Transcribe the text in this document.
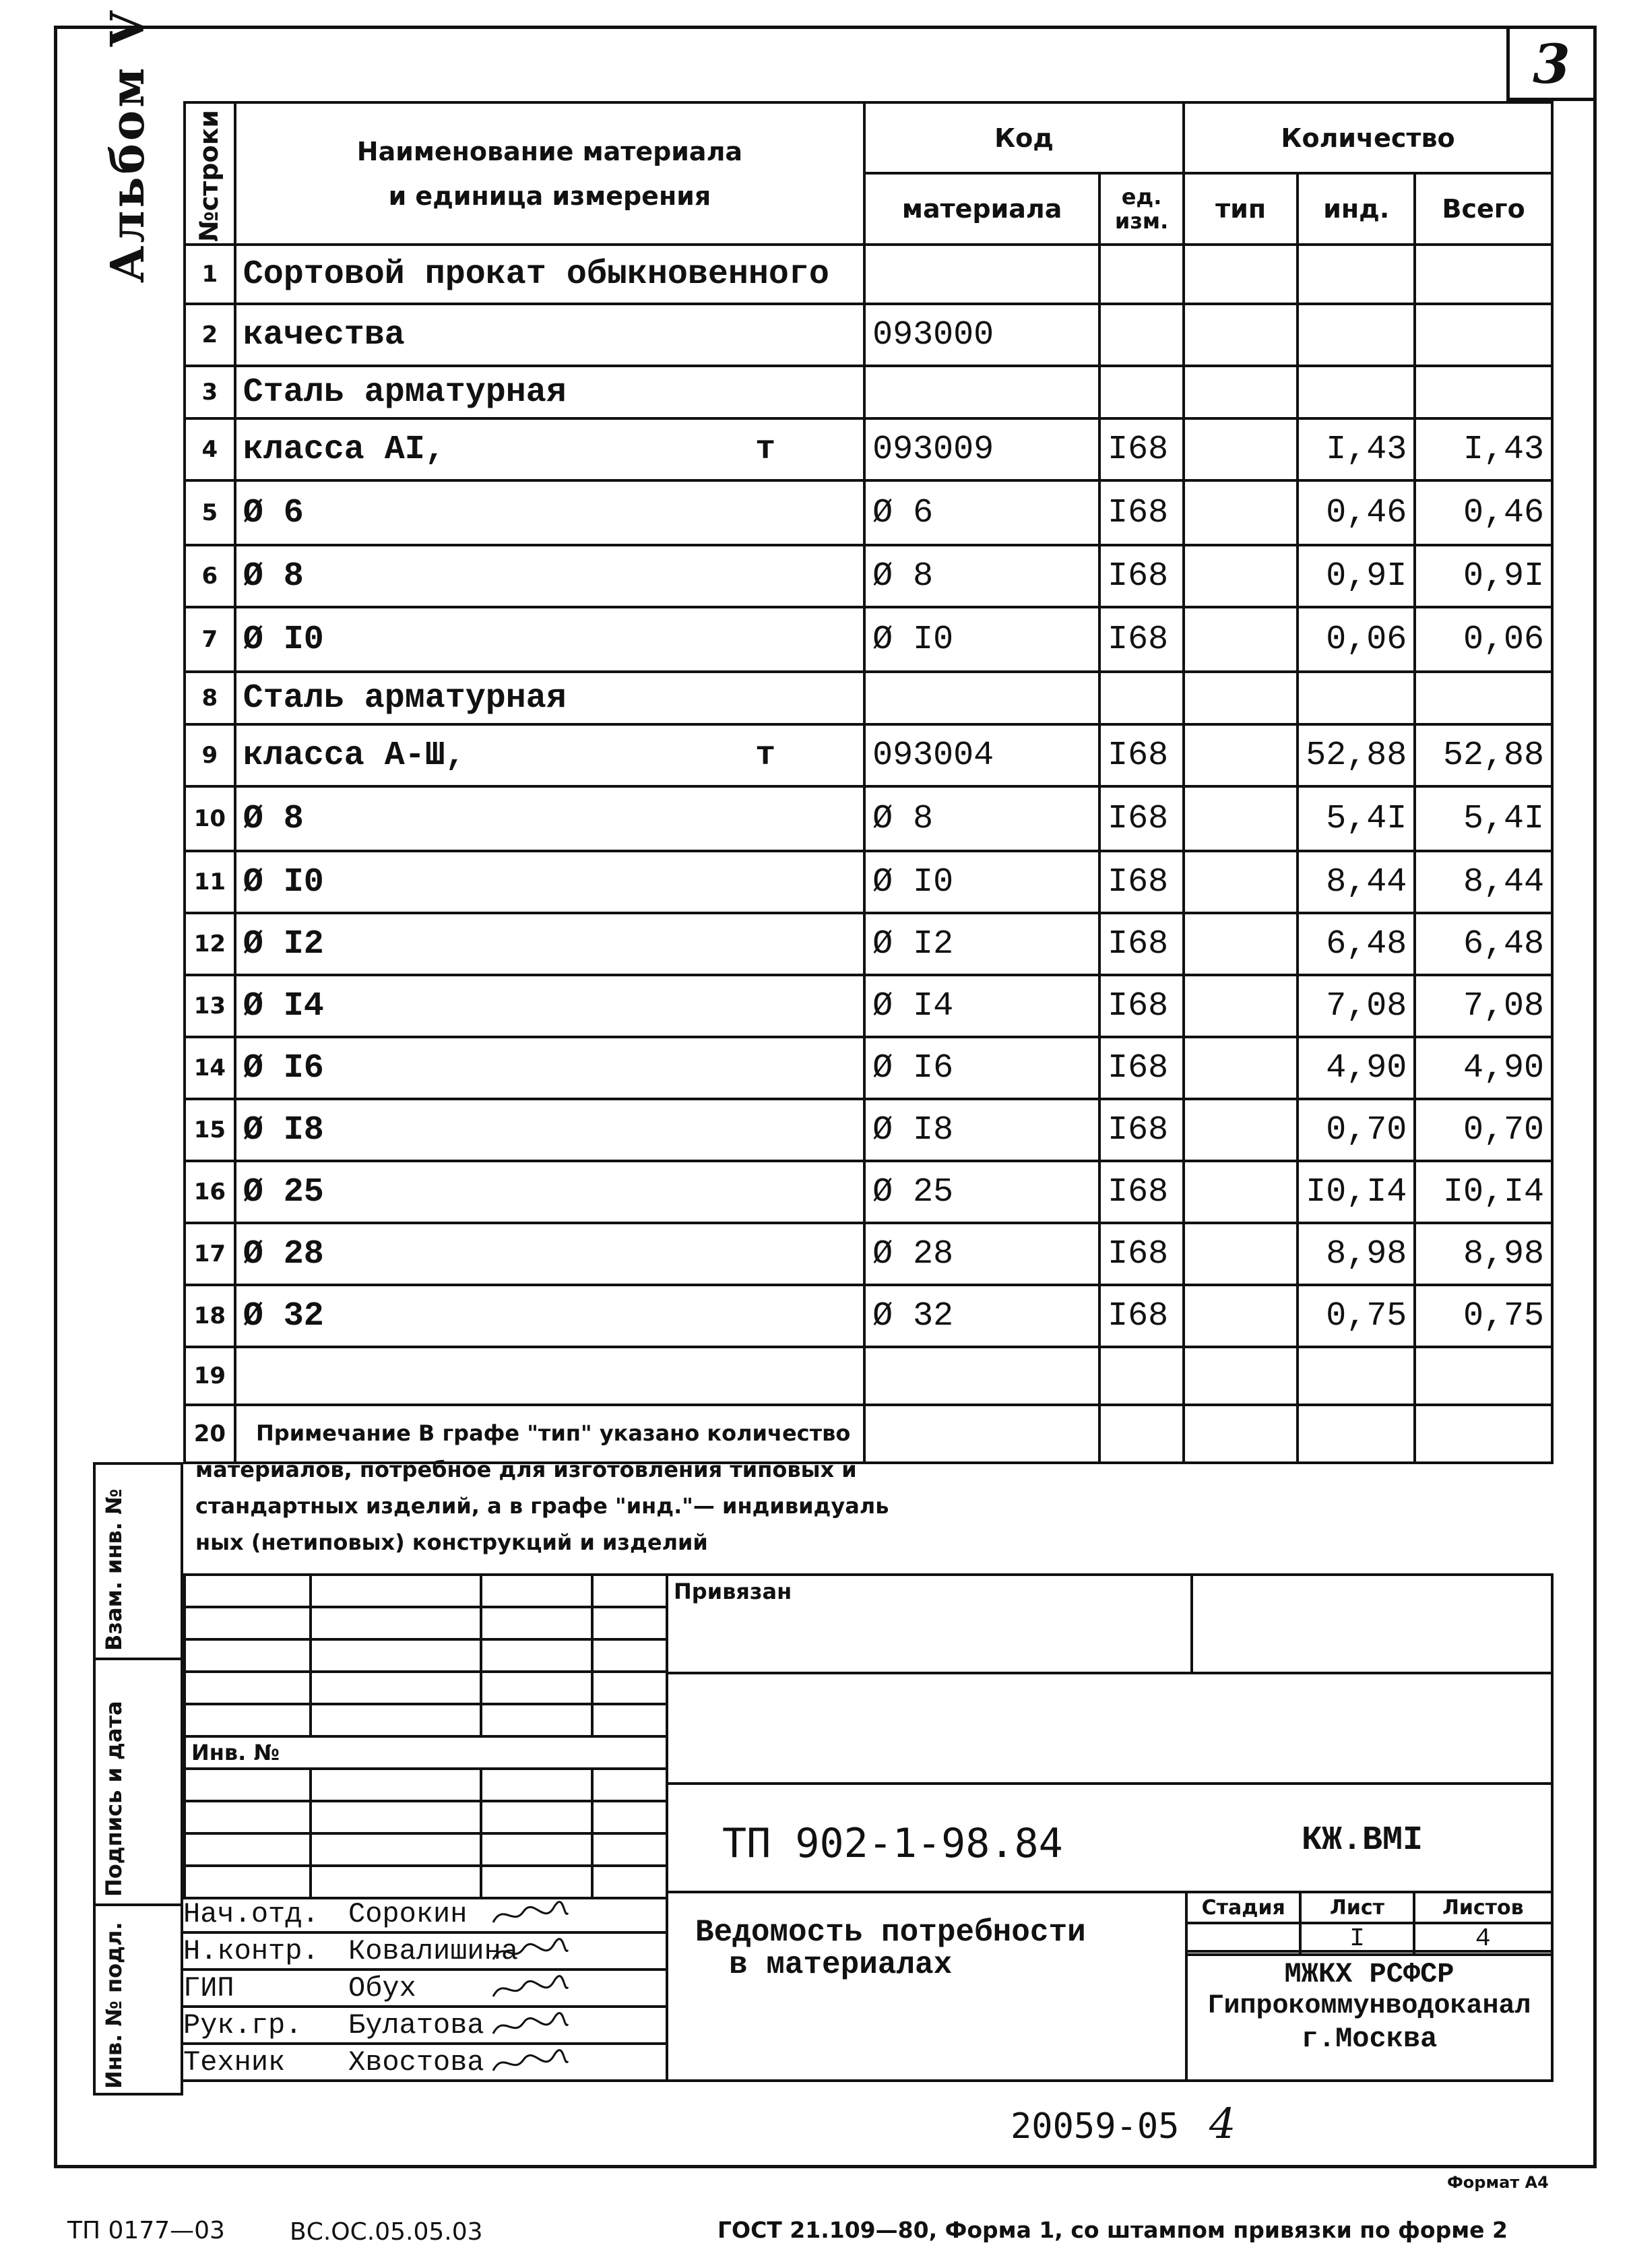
3
Альбом V №строки	Наименование материала
и единица измерения	Код		Количество		
		материала	ед. изм.	тип	инд.	Всего
1	Сортовой прокат обыкновенного					
2	качества	093000				
3	Сталь арматурная					
4	класса AI, т	093009	I68		I,43	I,43
5	Ø 6	Ø 6	I68		0,46	0,46
6	Ø 8	Ø 8	I68		0,9I	0,9I
7	Ø I0	Ø I0	I68		0,06	0,06
8	Сталь арматурная					
9	класса A-Ш, т	093004	I68		52,88	52,88
10	Ø 8	Ø 8	I68		5,4I	5,4I
11	Ø I0	Ø I0	I68		8,44	8,44
12	Ø I2	Ø I2	I68		6,48	6,48
13	Ø I4	Ø I4	I68		7,08	7,08
14	Ø I6	Ø I6	I68		4,90	4,90
15	Ø I8	Ø I8	I68		0,70	0,70
16	Ø 25	Ø 25	I68		I0,I4	I0,I4
17	Ø 28	Ø 28	I68		8,98	8,98
18	Ø 32	Ø 32	I68		0,75	0,75
19						
20						
Взам. инв. №
Подпись и дата
Инв. № подл.
Примечание В графе "тип" указано количество
материалов, потребное для изготовления типовых и
стандартных изделий, а в графе "инд."— индивидуаль
ных (нетиповых) конструкций и изделий

Инв. №			

Нач.отд. Сорокин
Н.контр. Ковалишина
ГИП	Обух
Рук.гр. Булатова
Техник Хвостова
Привязан
ТП 902-1-98.84	КЖ.ВМI
Ведомость потребности
в материалах
Стадия	Лист	Листов
	I	4
МЖКХ РСФСР
Гипрокоммунводоканал
г.Москва
20059-05 4
Формат А4
ТП 0177—03	ВС.ОС.05.05.03	ГОСТ 21.109—80, Форма 1, со штампом привязки по форме 2
